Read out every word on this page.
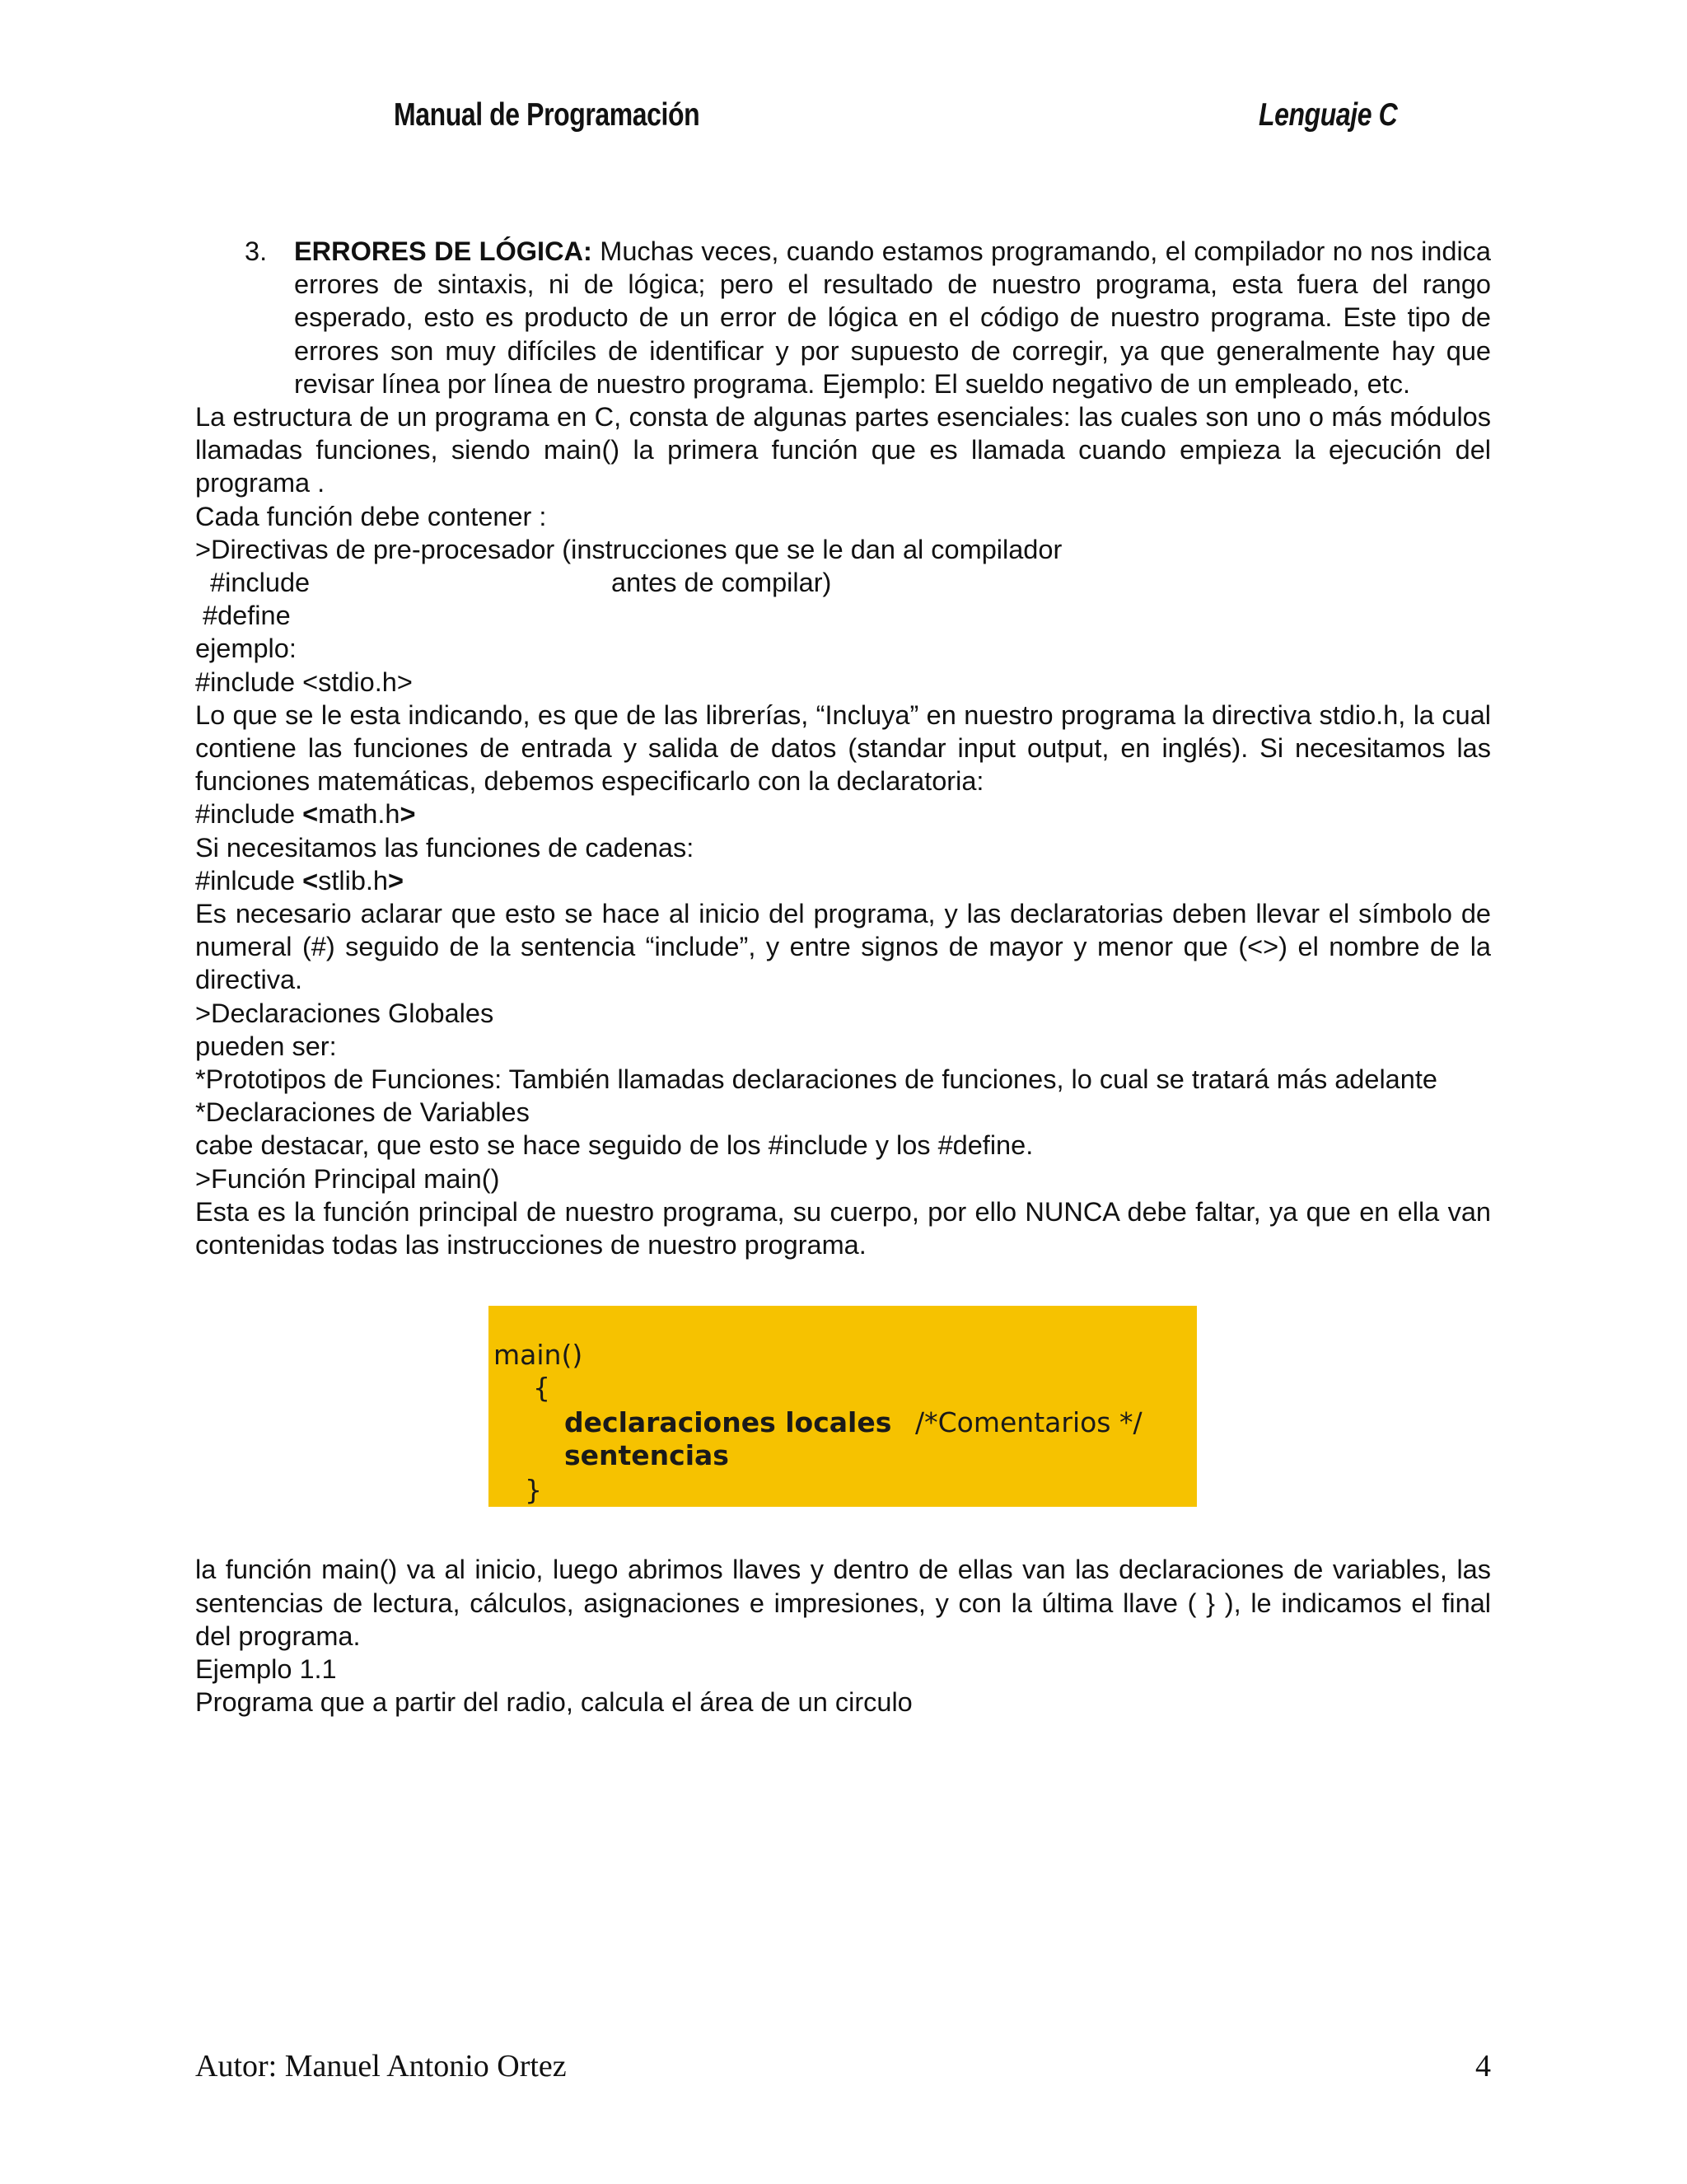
Manual de Programación	Lenguaje C
3.	ERRORES DE LÓGICA: Muchas veces, cuando estamos programando, el compilador no nos indica errores de sintaxis, ni de lógica; pero el resultado de nuestro programa, esta fuera del rango esperado, esto es producto de un error de lógica en el código de nuestro programa. Este tipo de errores son muy difíciles de identificar y por supuesto de corregir, ya que generalmente hay que revisar línea por línea de nuestro programa. Ejemplo: El sueldo negativo de un empleado, etc.

La estructura de un programa en C, consta de algunas partes esenciales: las cuales son uno o más módulos llamadas funciones, siendo main() la primera función que es llamada cuando empieza la ejecución del programa .

Cada función debe contener :

>Directivas de pre-procesador (instrucciones que se le dan al compilador

#include	antes de compilar)

#define

ejemplo:

#include <stdio.h>

Lo que se le esta indicando, es que de las librerías, “Incluya” en nuestro programa la directiva stdio.h, la cual contiene las funciones de entrada y salida de datos (standar input output, en inglés). Si necesitamos las funciones matemáticas, debemos especificarlo con la declaratoria:

#include <math.h>

Si necesitamos las funciones de cadenas:

#inlcude <stlib.h>

Es necesario aclarar que esto se hace al inicio del programa, y las declaratorias deben llevar el símbolo de numeral (#) seguido de la sentencia “include”, y entre signos de mayor y menor que (<>) el nombre de la directiva.

>Declaraciones Globales

pueden ser:

*Prototipos de Funciones: También llamadas declaraciones de funciones, lo cual se tratará más adelante

*Declaraciones de Variables

cabe destacar, que esto se hace seguido de los #include y los #define.

>Función Principal main()

Esta es la función principal de nuestro programa, su cuerpo, por ello NUNCA debe faltar, ya que en ella van contenidas todas las instrucciones de nuestro programa.

main()
{
declaraciones locales /*Comentarios */
sentencias
}

la función main() va al inicio, luego abrimos llaves y dentro de ellas van las declaraciones de variables, las sentencias de lectura, cálculos, asignaciones e impresiones, y con la última llave ( } ), le indicamos el final del programa.

Ejemplo 1.1

Programa que a partir del radio, calcula el área de un circulo

Autor: Manuel Antonio Ortez	4
